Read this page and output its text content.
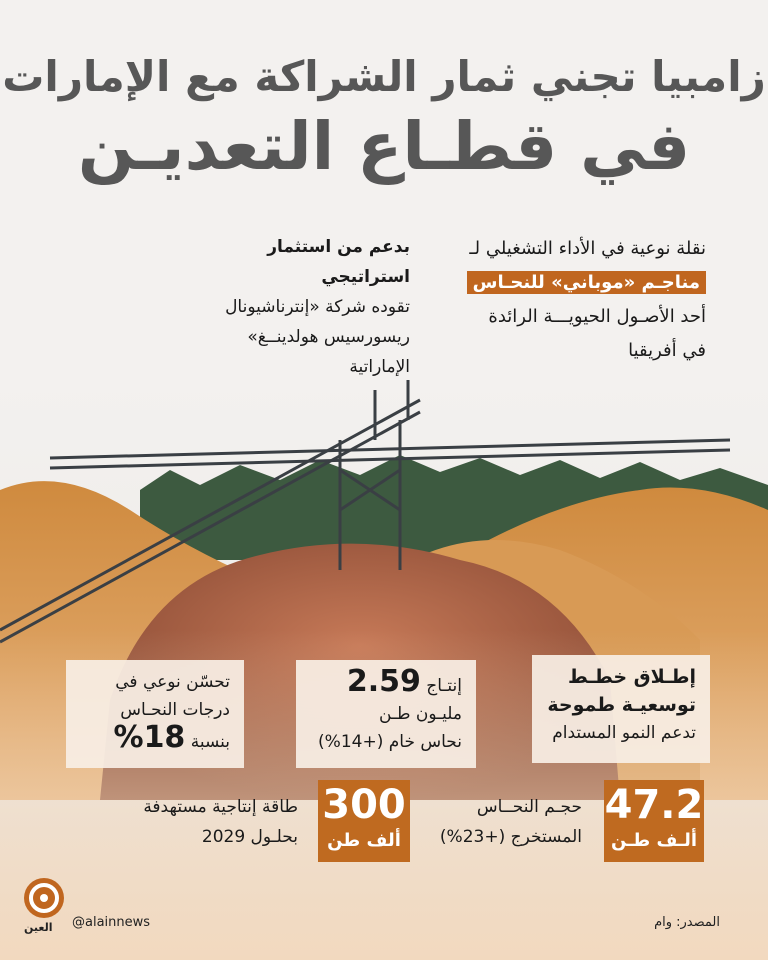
زامبيا تجني ثمار الشراكة مع الإمارات
في قطـاع التعديـن
نقلة نوعية في الأداء التشغيلي لـ
مناجـم «موباني» للنحـاس
أحد الأصـول الحيويـــة الرائدة
في أفريقيا
بدعم من استثمار استراتيجي
تقوده شركة «إنترناشيونال
ريسورسيس هولدينــغ»
الإماراتية
إطـلاق خطـط
توسعيـة طموحة
تدعم النمو المستدام
إنتـاج 2.59
مليـون طـن
نحاس خام (+14%)
تحسّن نوعي في
درجات النحـاس
بنسبة 18%
47.2
ألـف طـن
حجـم النحــاس
المستخرج (+23%)
300
ألف طن
طاقة إنتاجية مستهدفة
بحلـول 2029
العين @alainnews	المصدر: وام
